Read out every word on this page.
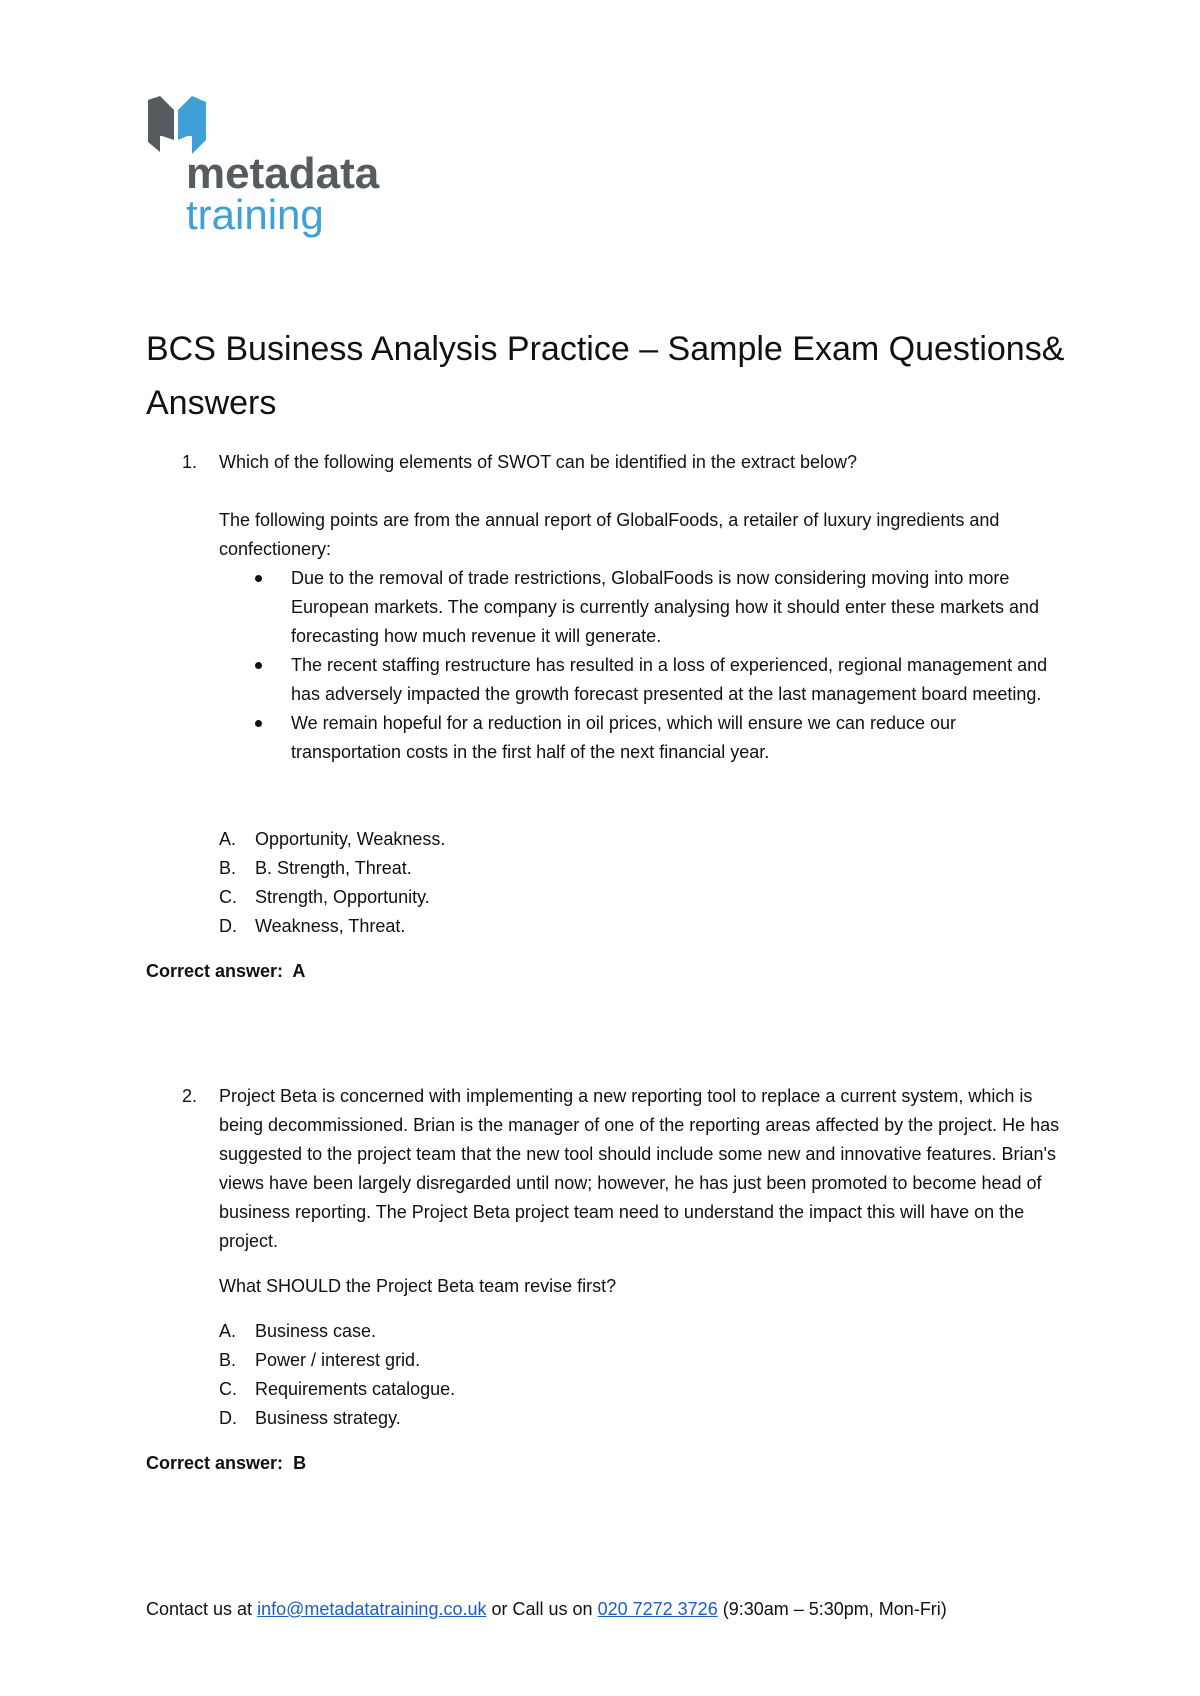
metadata
training
BCS Business Analysis Practice – Sample Exam Questions& Answers
1. Which of the following elements of SWOT can be identified in the extract below?
The following points are from the annual report of GlobalFoods, a retailer of luxury ingredients and confectionery:
Due to the removal of trade restrictions, GlobalFoods is now considering moving into more European markets. The company is currently analysing how it should enter these markets and forecasting how much revenue it will generate.
The recent staffing restructure has resulted in a loss of experienced, regional management and has adversely impacted the growth forecast presented at the last management board meeting.
We remain hopeful for a reduction in oil prices, which will ensure we can reduce our transportation costs in the first half of the next financial year.
A. Opportunity, Weakness.
B. B. Strength, Threat.
C. Strength, Opportunity.
D. Weakness, Threat.
Correct answer: A
2. Project Beta is concerned with implementing a new reporting tool to replace a current system, which is being decommissioned. Brian is the manager of one of the reporting areas affected by the project. He has suggested to the project team that the new tool should include some new and innovative features. Brian's views have been largely disregarded until now; however, he has just been promoted to become head of business reporting. The Project Beta project team need to understand the impact this will have on the project.
What SHOULD the Project Beta team revise first?
A. Business case.
B. Power / interest grid.
C. Requirements catalogue.
D. Business strategy.
Correct answer: B
Contact us at info@metadatatraining.co.uk or Call us on 020 7272 3726 (9:30am – 5:30pm, Mon-Fri)
